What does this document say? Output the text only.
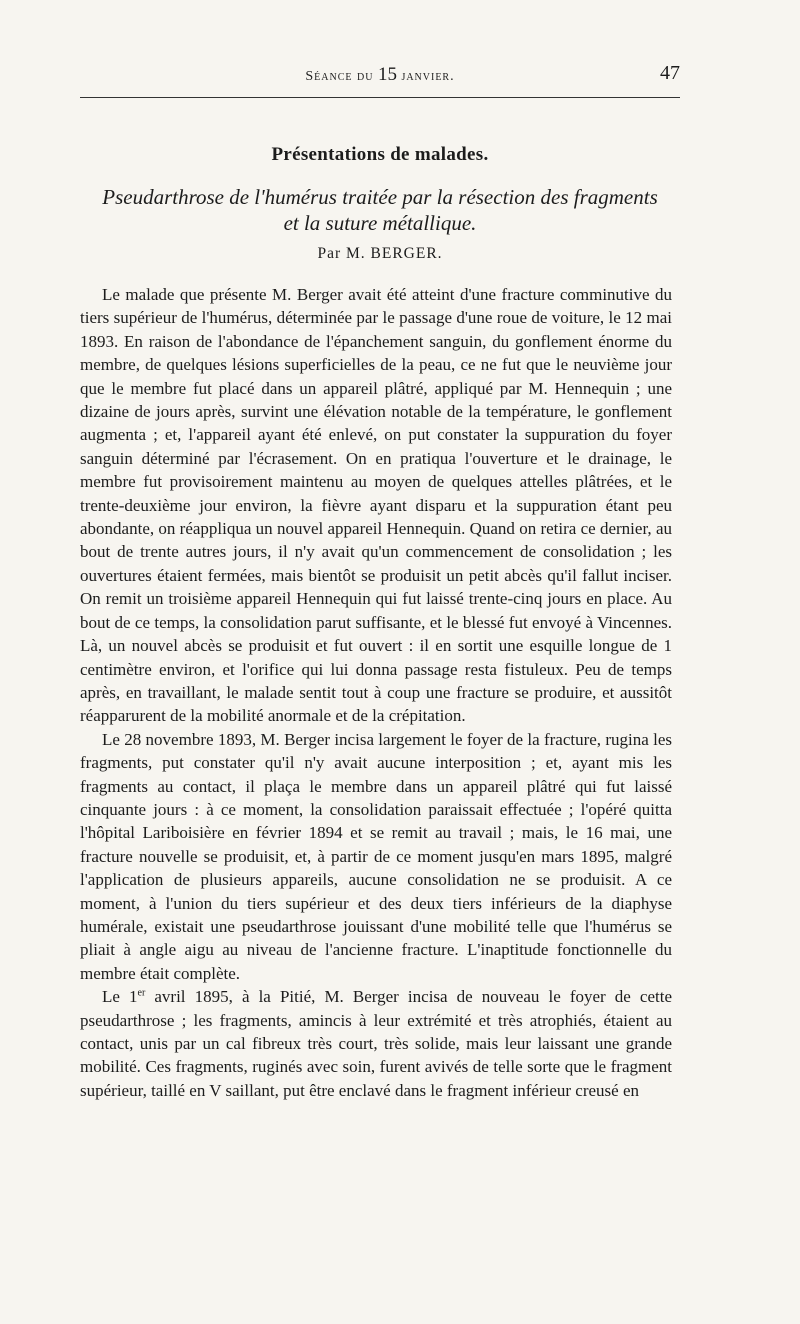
Séance du 15 janvier.	47
Présentations de malades.
Pseudarthrose de l'humérus traitée par la résection des fragments
et la suture métallique.
Par M. BERGER.

Le malade que présente M. Berger avait été atteint d'une fracture comminutive du tiers supérieur de l'humérus, déterminée par le passage d'une roue de voiture, le 12 mai 1893. En raison de l'abondance de l'épanchement sanguin, du gonflement énorme du membre, de quelques lésions superficielles de la peau, ce ne fut que le neuvième jour que le membre fut placé dans un appareil plâtré, appliqué par M. Hennequin ; une dizaine de jours après, survint une élévation notable de la température, le gonflement augmenta ; et, l'appareil ayant été enlevé, on put constater la suppuration du foyer sanguin déterminé par l'écrasement. On en pratiqua l'ouverture et le drainage, le membre fut provisoirement maintenu au moyen de quelques attelles plâtrées, et le trente-deuxième jour environ, la fièvre ayant disparu et la suppuration étant peu abondante, on réappliqua un nouvel appareil Hennequin. Quand on retira ce dernier, au bout de trente autres jours, il n'y avait qu'un commencement de consolidation ; les ouvertures étaient fermées, mais bientôt se produisit un petit abcès qu'il fallut inciser. On remit un troisième appareil Hennequin qui fut laissé trente-cinq jours en place. Au bout de ce temps, la consolidation parut suffisante, et le blessé fut envoyé à Vincennes. Là, un nouvel abcès se produisit et fut ouvert : il en sortit une esquille longue de 1 centimètre environ, et l'orifice qui lui donna passage resta fistuleux. Peu de temps après, en travaillant, le malade sentit tout à coup une fracture se produire, et aussitôt réapparurent de la mobilité anormale et de la crépitation.

Le 28 novembre 1893, M. Berger incisa largement le foyer de la fracture, rugina les fragments, put constater qu'il n'y avait aucune interposition ; et, ayant mis les fragments au contact, il plaça le membre dans un appareil plâtré qui fut laissé cinquante jours : à ce moment, la consolidation paraissait effectuée ; l'opéré quitta l'hôpital Lariboisière en février 1894 et se remit au travail ; mais, le 16 mai, une fracture nouvelle se produisit, et, à partir de ce moment jusqu'en mars 1895, malgré l'application de plusieurs appareils, aucune consolidation ne se produisit. A ce moment, à l'union du tiers supérieur et des deux tiers inférieurs de la diaphyse humérale, existait une pseudarthrose jouissant d'une mobilité telle que l'humérus se pliait à angle aigu au niveau de l'ancienne fracture. L'inaptitude fonctionnelle du membre était complète.

Le 1er avril 1895, à la Pitié, M. Berger incisa de nouveau le foyer de cette pseudarthrose ; les fragments, amincis à leur extrémité et très atrophiés, étaient au contact, unis par un cal fibreux très court, très solide, mais leur laissant une grande mobilité. Ces fragments, ruginés avec soin, furent avivés de telle sorte que le fragment supérieur, taillé en V saillant, put être enclavé dans le fragment inférieur creusé en
